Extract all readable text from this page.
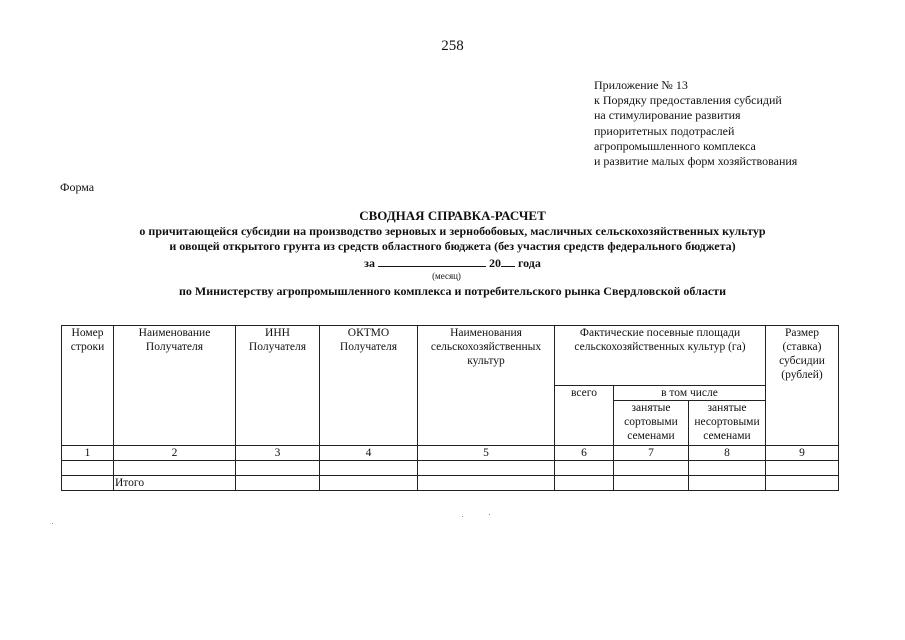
258
Приложение № 13
к Порядку предоставления субсидий
на стимулирование развития
приоритетных подотраслей
агропромышленного комплекса
и развитие малых форм хозяйствования
Форма
СВОДНАЯ СПРАВКА-РАСЧЕТ
о причитающейся субсидии на производство зерновых и зернобобовых, масличных сельскохозяйственных культур
и овощей открытого грунта из средств областного бюджета (без участия средств федерального бюджета)
за	20 года
(месяц)
по Министерству агропромышленного комплекса и потребительского рынка Свердловской области
Номер строки	Наименование Получателя	ИНН Получателя	ОКТМО Получателя	Наименования сельскохозяйственных культур	Фактические посевные площади сельскохозяйственных культур (га)			Размер (ставка) субсидии (рублей)
					всего	в том числе		
						занятые сортовыми семенами	занятые несортовыми семенами	
1	2	3	4	5	6	7	8	9

	Итого							
